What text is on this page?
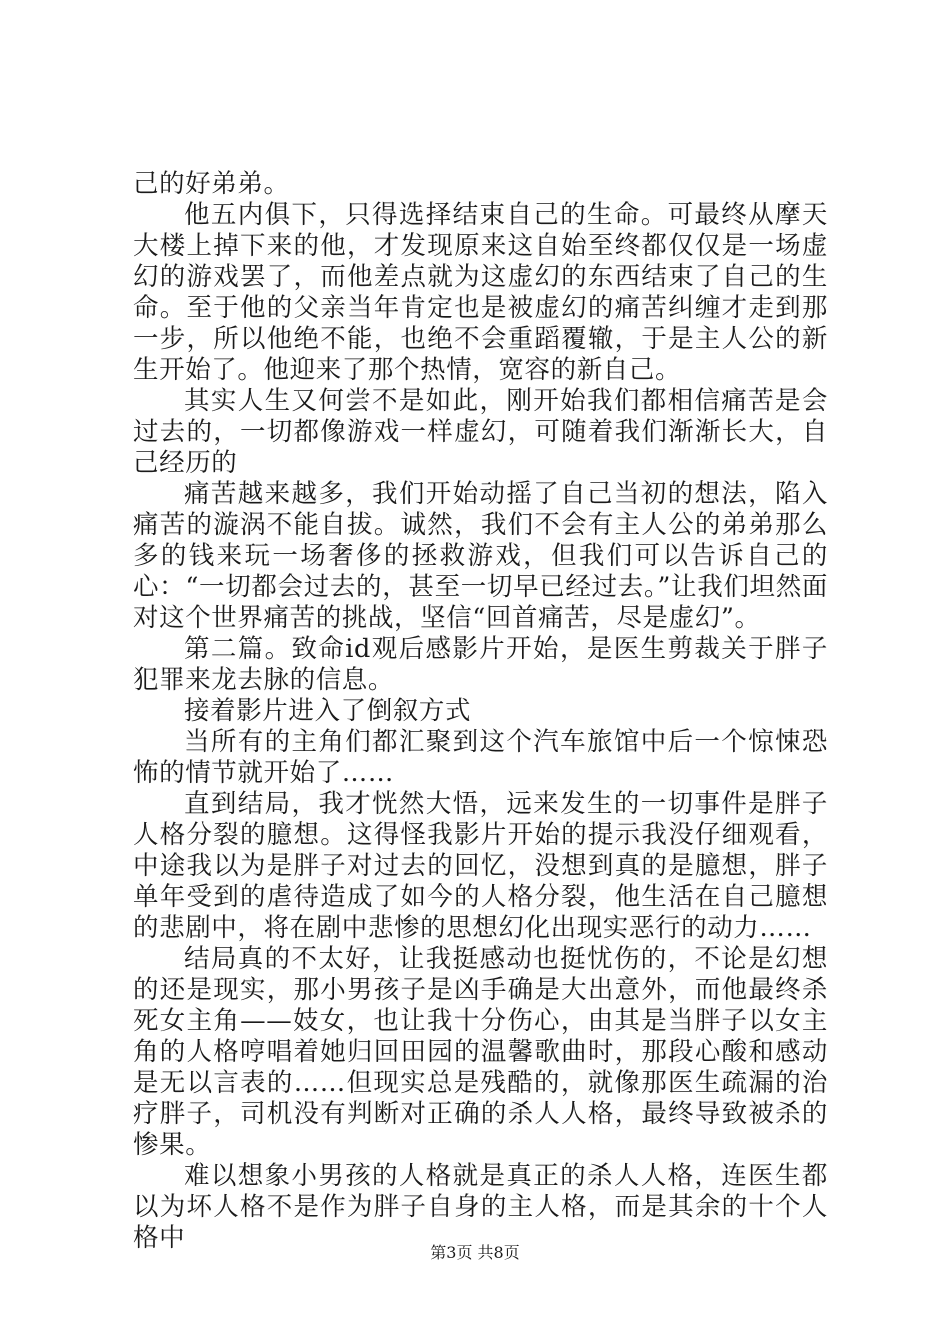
己的好弟弟。

他五内俱下，只得选择结束自己的生命。可最终从摩天大楼上掉下来的他，才发现原来这自始至终都仅仅是一场虚幻的游戏罢了，而他差点就为这虚幻的东西结束了自己的生命。至于他的父亲当年肯定也是被虚幻的痛苦纠缠才走到那一步，所以他绝不能，也绝不会重蹈覆辙，于是主人公的新生开始了。他迎来了那个热情，宽容的新自己。

其实人生又何尝不是如此，刚开始我们都相信痛苦是会过去的，一切都像游戏一样虚幻，可随着我们渐渐长大，自己经历的

痛苦越来越多，我们开始动摇了自己当初的想法，陷入痛苦的漩涡不能自拔。诚然，我们不会有主人公的弟弟那么多的钱来玩一场奢侈的拯救游戏，但我们可以告诉自己的心：“一切都会过去的，甚至一切早已经过去。”让我们坦然面对这个世界痛苦的挑战，坚信“回首痛苦，尽是虚幻”。

第二篇。致命id观后感影片开始，是医生剪裁关于胖子犯罪来龙去脉的信息。

接着影片进入了倒叙方式

当所有的主角们都汇聚到这个汽车旅馆中后一个惊悚恐怖的情节就开始了……

直到结局，我才恍然大悟，远来发生的一切事件是胖子人格分裂的臆想。这得怪我影片开始的提示我没仔细观看，中途我以为是胖子对过去的回忆，没想到真的是臆想，胖子单年受到的虐待造成了如今的人格分裂，他生活在自己臆想的悲剧中，将在剧中悲惨的思想幻化出现实恶行的动力……

结局真的不太好，让我挺感动也挺忧伤的，不论是幻想的还是现实，那小男孩子是凶手确是大出意外，而他最终杀死女主角——妓女，也让我十分伤心，由其是当胖子以女主角的人格哼唱着她归回田园的温馨歌曲时，那段心酸和感动是无以言表的……但现实总是残酷的，就像那医生疏漏的治疗胖子，司机没有判断对正确的杀人人格，最终导致被杀的惨果。

难以想象小男孩的人格就是真正的杀人人格，连医生都以为坏人格不是作为胖子自身的主人格，而是其余的十个人格中	第3页 共8页
